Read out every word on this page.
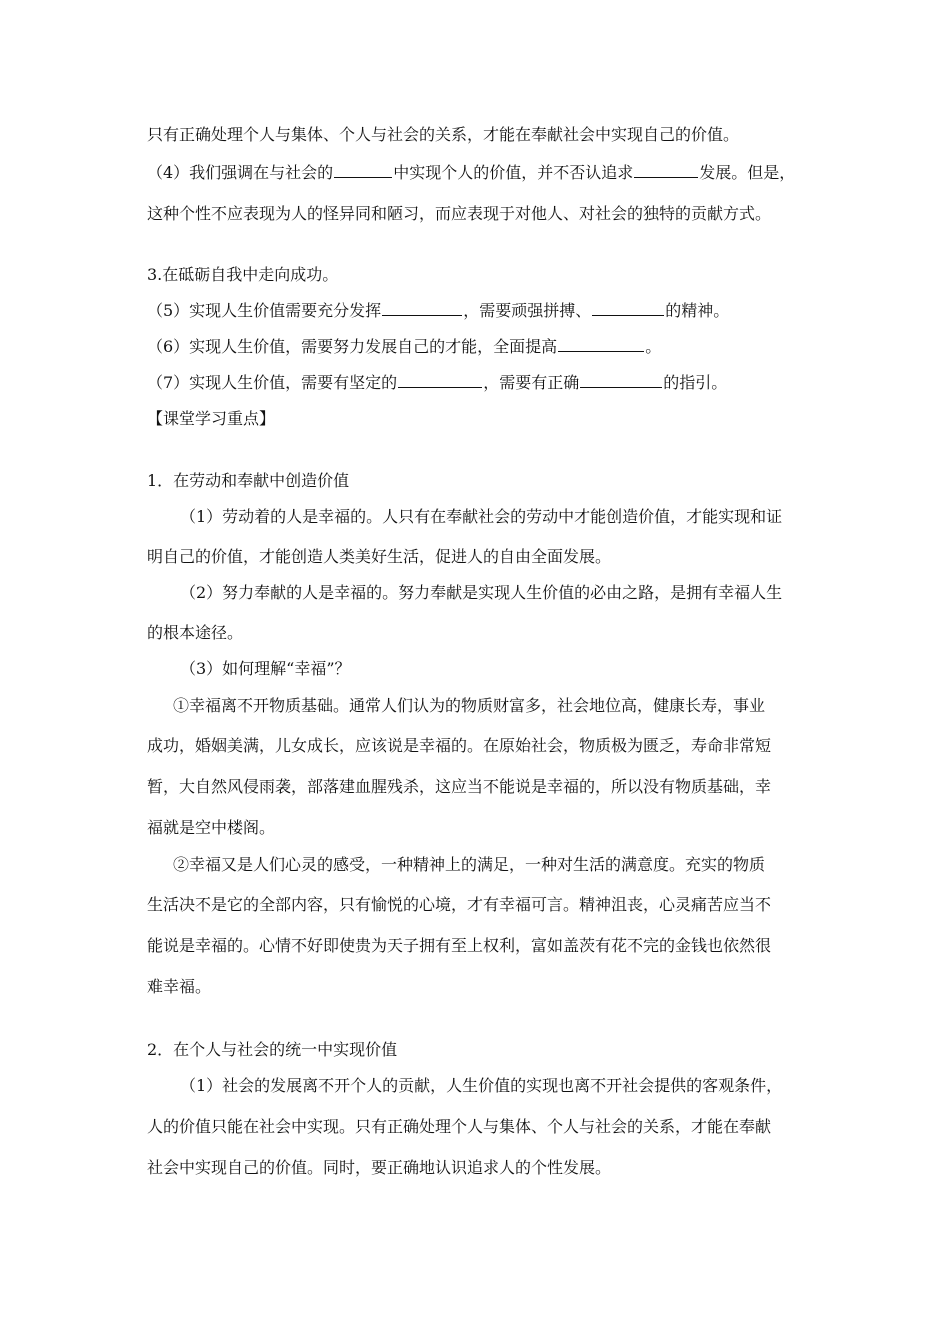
只有正确处理个人与集体、个人与社会的关系，才能在奉献社会中实现自己的价值。
（4）我们强调在与社会的	中实现个人的价值，并不否认追求	发展。但是，
这种个性不应表现为人的怪异同和陋习，而应表现于对他人、对社会的独特的贡献方式。
3.在砥砺自我中走向成功。
（5）实现人生价值需要充分发挥	，需要顽强拼搏、	的精神。
（6）实现人生价值，需要努力发展自己的才能，全面提高	。
（7）实现人生价值，需要有坚定的	，需要有正确	的指引。
【课堂学习重点】
1．在劳动和奉献中创造价值
（1）劳动着的人是幸福的。人只有在奉献社会的劳动中才能创造价值，才能实现和证
明自己的价值，才能创造人类美好生活，促进人的自由全面发展。
（2）努力奉献的人是幸福的。努力奉献是实现人生价值的必由之路，是拥有幸福人生
的根本途径。
（3）如何理解“幸福”？
①幸福离不开物质基础。通常人们认为的物质财富多，社会地位高，健康长寿，事业
成功，婚姻美满，儿女成长，应该说是幸福的。在原始社会，物质极为匮乏，寿命非常短
暂，大自然风侵雨袭，部落建血腥残杀，这应当不能说是幸福的，所以没有物质基础，幸
福就是空中楼阁。
②幸福又是人们心灵的感受，一种精神上的满足，一种对生活的满意度。充实的物质
生活决不是它的全部内容，只有愉悦的心境，才有幸福可言。精神沮丧，心灵痛苦应当不
能说是幸福的。心情不好即使贵为天子拥有至上权利，富如盖茨有花不完的金钱也依然很
难幸福。
2．在个人与社会的统一中实现价值
（1）社会的发展离不开个人的贡献，人生价值的实现也离不开社会提供的客观条件，
人的价值只能在社会中实现。只有正确处理个人与集体、个人与社会的关系，才能在奉献
社会中实现自己的价值。同时，要正确地认识追求人的个性发展。
